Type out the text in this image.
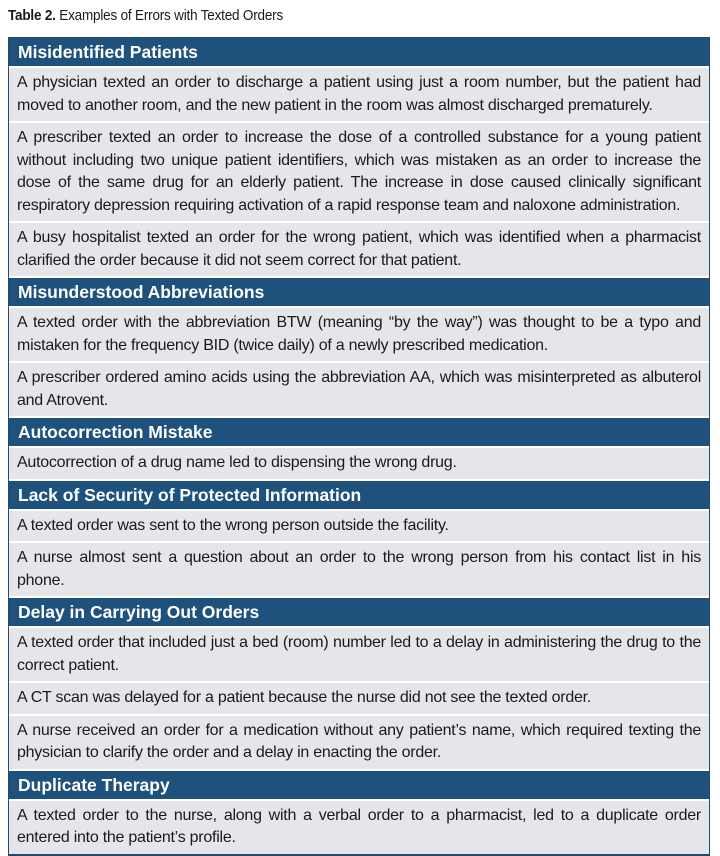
Table 2. Examples of Errors with Texted Orders
Misidentified Patients
A physician texted an order to discharge a patient using just a room number, but the patient had moved to another room, and the new patient in the room was almost discharged prematurely.
A prescriber texted an order to increase the dose of a controlled substance for a young patient without including two unique patient identifiers, which was mistaken as an order to increase the dose of the same drug for an elderly patient. The increase in dose caused clinically significant respiratory depression requiring activation of a rapid response team and naloxone administration.
A busy hospitalist texted an order for the wrong patient, which was identified when a pharmacist clarified the order because it did not seem correct for that patient.
Misunderstood Abbreviations
A texted order with the abbreviation BTW (meaning “by the way”) was thought to be a typo and mistaken for the frequency BID (twice daily) of a newly prescribed medication.
A prescriber ordered amino acids using the abbreviation AA, which was misinterpreted as albuterol and Atrovent.
Autocorrection Mistake
Autocorrection of a drug name led to dispensing the wrong drug.
Lack of Security of Protected Information
A texted order was sent to the wrong person outside the facility.
A nurse almost sent a question about an order to the wrong person from his contact list in his phone.
Delay in Carrying Out Orders
A texted order that included just a bed (room) number led to a delay in administering the drug to the correct patient.
A CT scan was delayed for a patient because the nurse did not see the texted order.
A nurse received an order for a medication without any patient’s name, which required texting the physician to clarify the order and a delay in enacting the order.
Duplicate Therapy
A texted order to the nurse, along with a verbal order to a pharmacist, led to a duplicate order entered into the patient’s profile.
